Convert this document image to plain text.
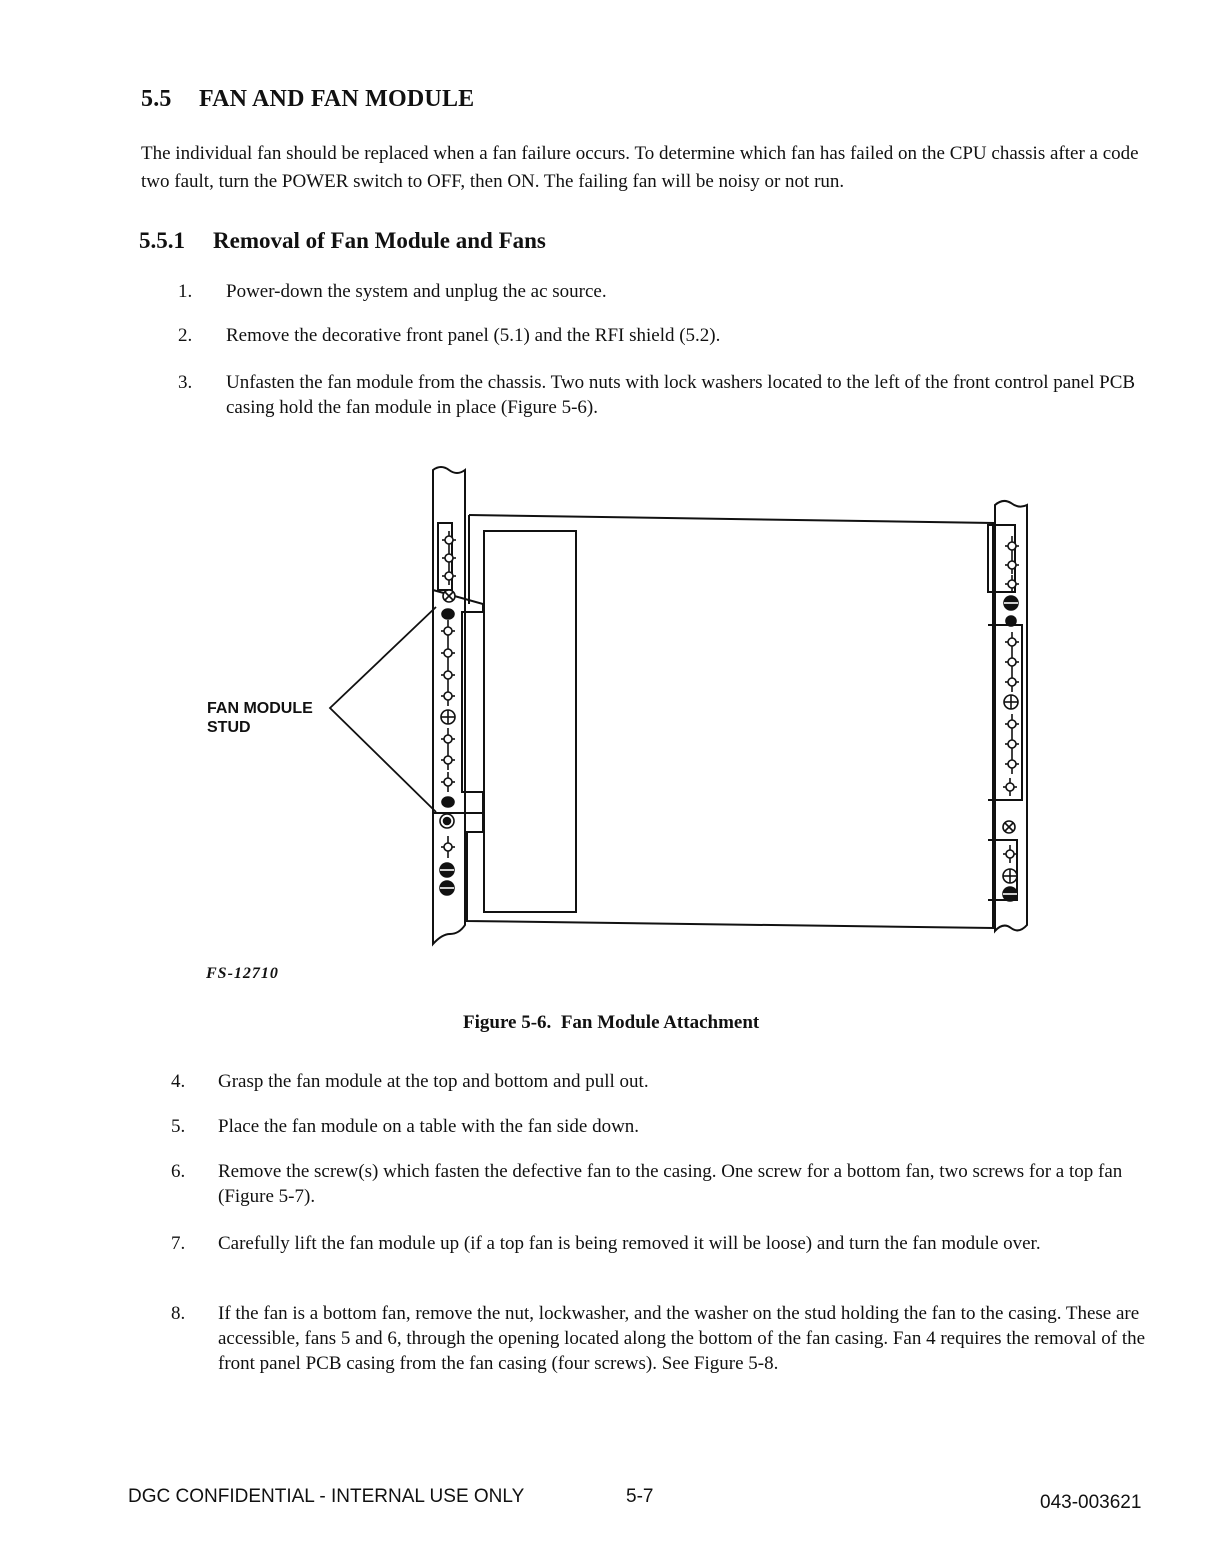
5.5 FAN AND FAN MODULE
The individual fan should be replaced when a fan failure occurs. To determine which fan has failed on the CPU chassis after a code two fault, turn the POWER switch to OFF, then ON. The failing fan will be noisy or not run.
5.5.1 Removal of Fan Module and Fans
1. Power-down the system and unplug the ac source.
2. Remove the decorative front panel (5.1) and the RFI shield (5.2).
3. Unfasten the fan module from the chassis. Two nuts with lock washers located to the left of the front control panel PCB casing hold the fan module in place (Figure 5-6).
FAN MODULE
STUD
FS-12710
Figure 5-6. Fan Module Attachment
4. Grasp the fan module at the top and bottom and pull out.
5. Place the fan module on a table with the fan side down.
6. Remove the screw(s) which fasten the defective fan to the casing. One screw for a bottom fan, two screws for a top fan (Figure 5-7).
7. Carefully lift the fan module up (if a top fan is being removed it will be loose) and turn the fan module over.
8. If the fan is a bottom fan, remove the nut, lockwasher, and the washer on the stud holding the fan to the casing. These are accessible, fans 5 and 6, through the opening located along the bottom of the fan casing. Fan 4 requires the removal of the front panel PCB casing from the fan casing (four screws). See Figure 5-8.
DGC CONFIDENTIAL - INTERNAL USE ONLY	5-7	043-003621
